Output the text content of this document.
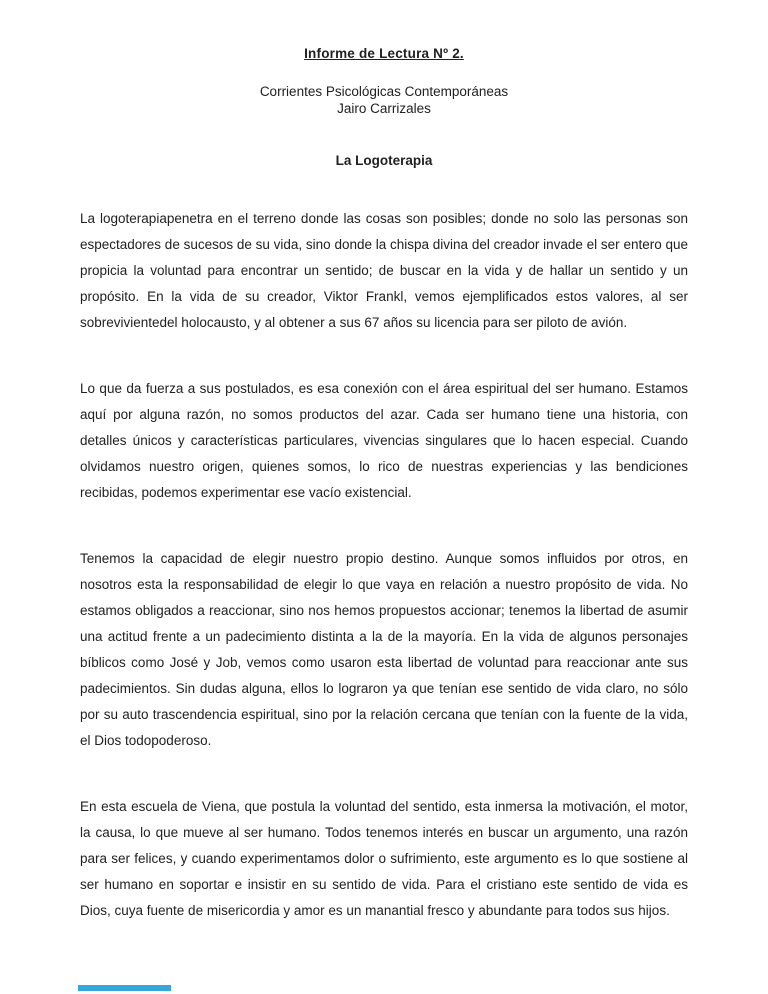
Informe de Lectura Nº 2.
Corrientes Psicológicas Contemporáneas
Jairo Carrizales
La Logoterapia

La logoterapiapenetra en el terreno donde las cosas son posibles; donde no solo las personas son espectadores de sucesos de su vida, sino donde la chispa divina del creador invade el ser entero que propicia la voluntad para encontrar un sentido; de buscar en la vida y de hallar un sentido y un propósito. En la vida de su creador, Viktor Frankl, vemos ejemplificados estos valores, al ser sobrevivientedel holocausto, y al obtener a sus 67 años su licencia para ser piloto de avión.

Lo que da fuerza a sus postulados, es esa conexión con el área espiritual del ser humano. Estamos aquí por alguna razón, no somos productos del azar. Cada ser humano tiene una historia, con detalles únicos y características particulares, vivencias singulares que lo hacen especial. Cuando olvidamos nuestro origen, quienes somos, lo rico de nuestras experiencias y las bendiciones recibidas, podemos experimentar ese vacío existencial.

Tenemos la capacidad de elegir nuestro propio destino. Aunque somos influidos por otros, en nosotros esta la responsabilidad de elegir lo que vaya en relación a nuestro propósito de vida. No estamos obligados a reaccionar, sino nos hemos propuestos accionar; tenemos la libertad de asumir una actitud frente a un padecimiento distinta a la de la mayoría. En la vida de algunos personajes bíblicos como José y Job, vemos como usaron esta libertad de voluntad para reaccionar ante sus padecimientos. Sin dudas alguna, ellos lo lograron ya que tenían ese sentido de vida claro, no sólo por su auto trascendencia espiritual, sino por la relación cercana que tenían con la fuente de la vida, el Dios todopoderoso.

En esta escuela de Viena, que postula la voluntad del sentido, esta inmersa la motivación, el motor, la causa, lo que mueve al ser humano. Todos tenemos interés en buscar un argumento, una razón para ser felices, y cuando experimentamos dolor o sufrimiento, este argumento es lo que sostiene al ser humano en soportar e insistir en su sentido de vida. Para el cristiano este sentido de vida es Dios, cuya fuente de misericordia y amor es un manantial fresco y abundante para todos sus hijos.
